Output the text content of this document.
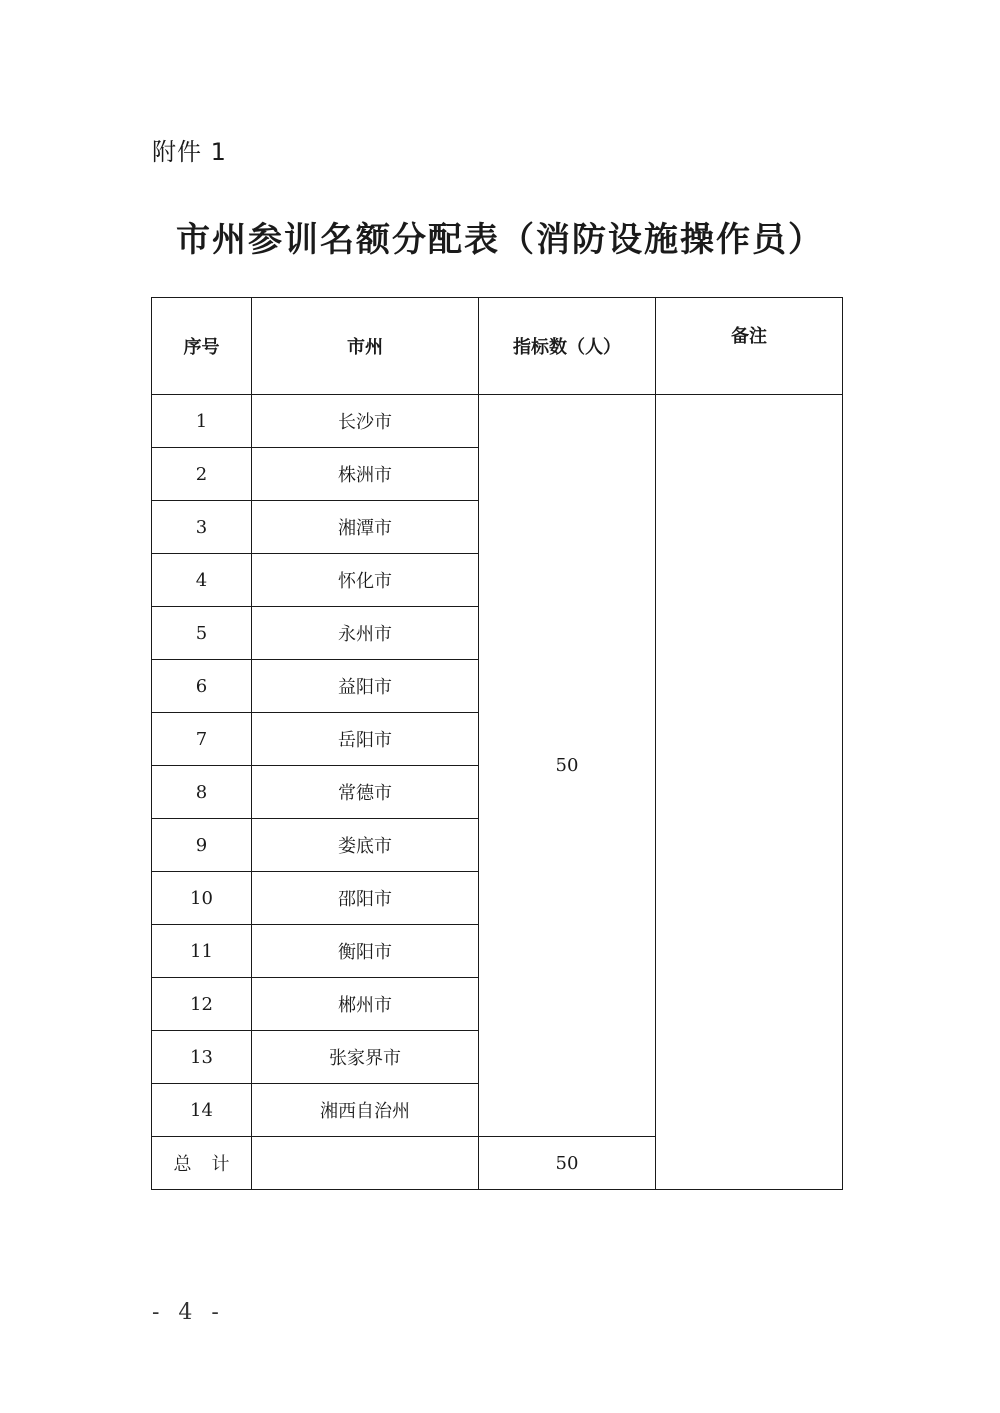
附件 1
市州参训名额分配表（消防设施操作员）
序号	市州	指标数（人）	备注
1	长沙市	50	
2	株洲市		
3	湘潭市		
4	怀化市		
5	永州市		
6	益阳市		
7	岳阳市		
8	常德市		
9	娄底市		
10	邵阳市		
11	衡阳市		
12	郴州市		
13	张家界市		
14	湘西自治州		
总计		50	
- 4 -
